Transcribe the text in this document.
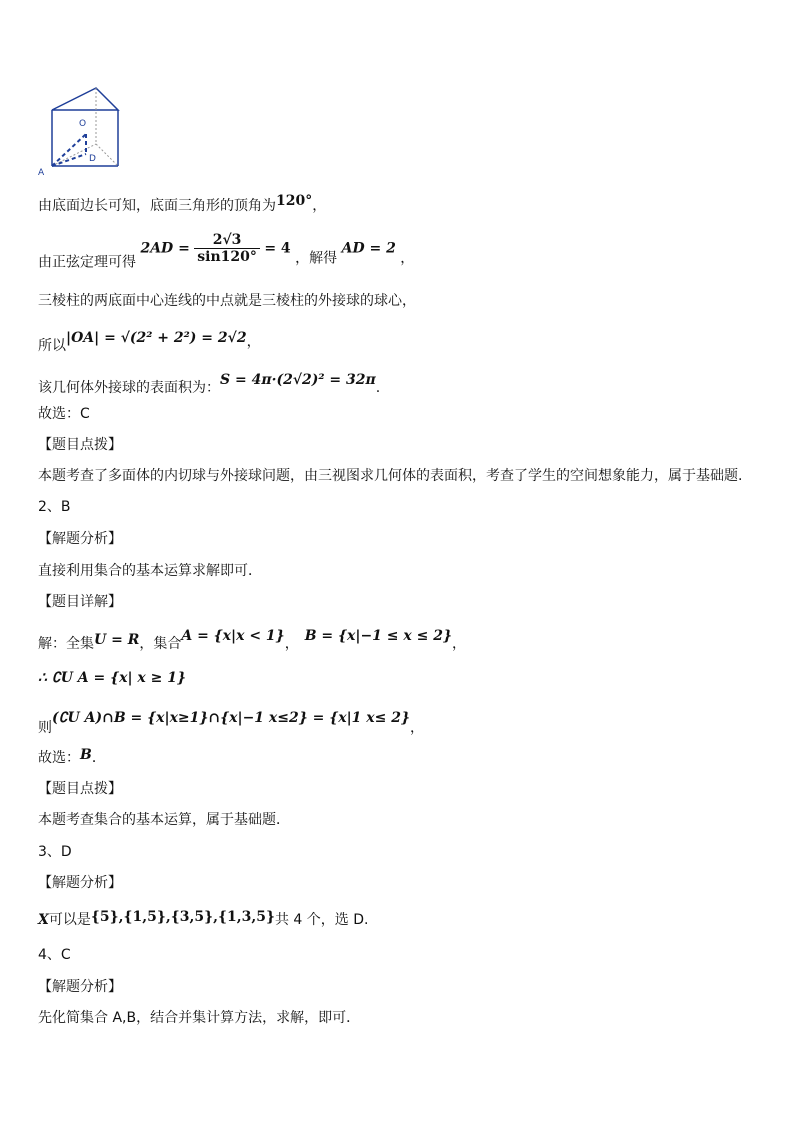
O
D
A
由底面边长可知，底面三角形的顶角为120°，
由正弦定理可得 $2AD = \frac{2√3}{\sin 120^\circ} = 4$ ，解得 AD = 2 ，
三棱柱的两底面中心连线的中点就是三棱柱的外接球的球心，
所以|OA| = √(2² + 2²) = 2√2，
该几何体外接球的表面积为：S = 4π·(2√2)² = 32π.
故选：C
【题目点拨】
本题考查了多面体的内切球与外接球问题，由三视图求几何体的表面积，考查了学生的空间想象能力，属于基础题.
2、B
【解题分析】
直接利用集合的基本运算求解即可．
【题目详解】
解：全集U = R，集合A = {x|x < 1}， B = {x|−1 ≤ x ≤ 2}，
∴ ∁U A = {x| x ≥ 1}
则(∁U A)∩B = {x|x≥1}∩{x|−1 x≤2} = {x|1 x≤ 2}，
故选：B．
【题目点拨】
本题考查集合的基本运算，属于基础题．
3、D
【解题分析】
X可以是{5},{1,5},{3,5},{1,3,5}共 4 个，选 D.
4、C
【解题分析】
先化简集合 A,B，结合并集计算方法，求解，即可．
